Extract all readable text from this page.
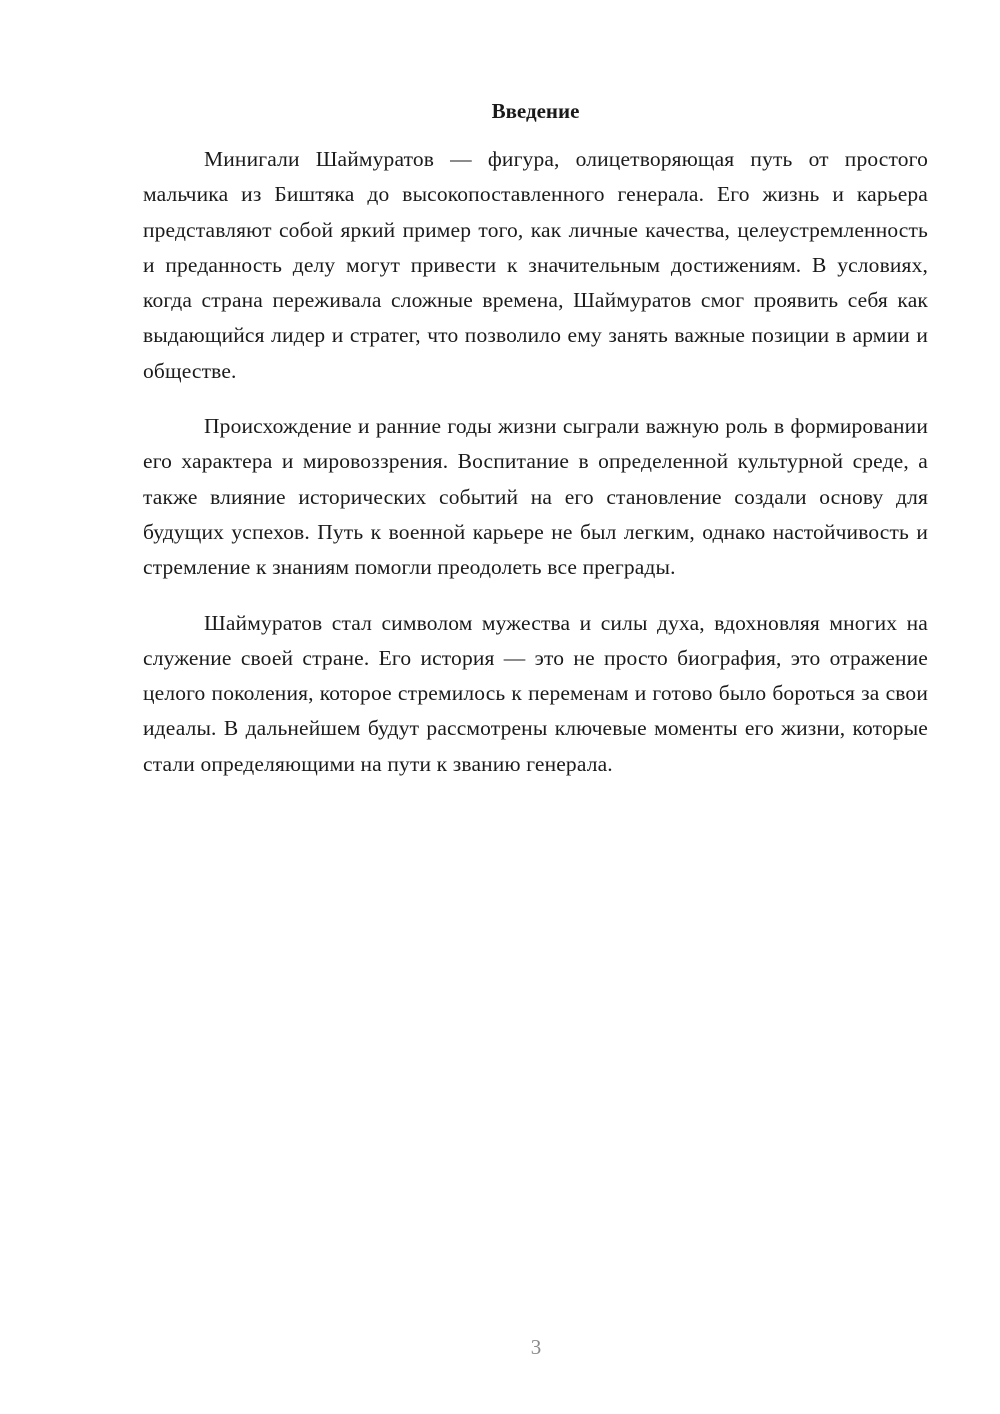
Введение

Минигали Шаймуратов — фигура, олицетворяющая путь от простого мальчика из Биштяка до высокопоставленного генерала. Его жизнь и карьера представляют собой яркий пример того, как личные качества, целеустремленность и преданность делу могут привести к значительным достижениям. В условиях, когда страна переживала сложные времена, Шаймуратов смог проявить себя как выдающийся лидер и стратег, что позволило ему занять важные позиции в армии и обществе.

Происхождение и ранние годы жизни сыграли важную роль в формировании его характера и мировоззрения. Воспитание в определенной культурной среде, а также влияние исторических событий на его становление создали основу для будущих успехов. Путь к военной карьере не был легким, однако настойчивость и стремление к знаниям помогли преодолеть все преграды.

Шаймуратов стал символом мужества и силы духа, вдохновляя многих на служение своей стране. Его история — это не просто биография, это отражение целого поколения, которое стремилось к переменам и готово было бороться за свои идеалы. В дальнейшем будут рассмотрены ключевые моменты его жизни, которые стали определяющими на пути к званию генерала.

3
